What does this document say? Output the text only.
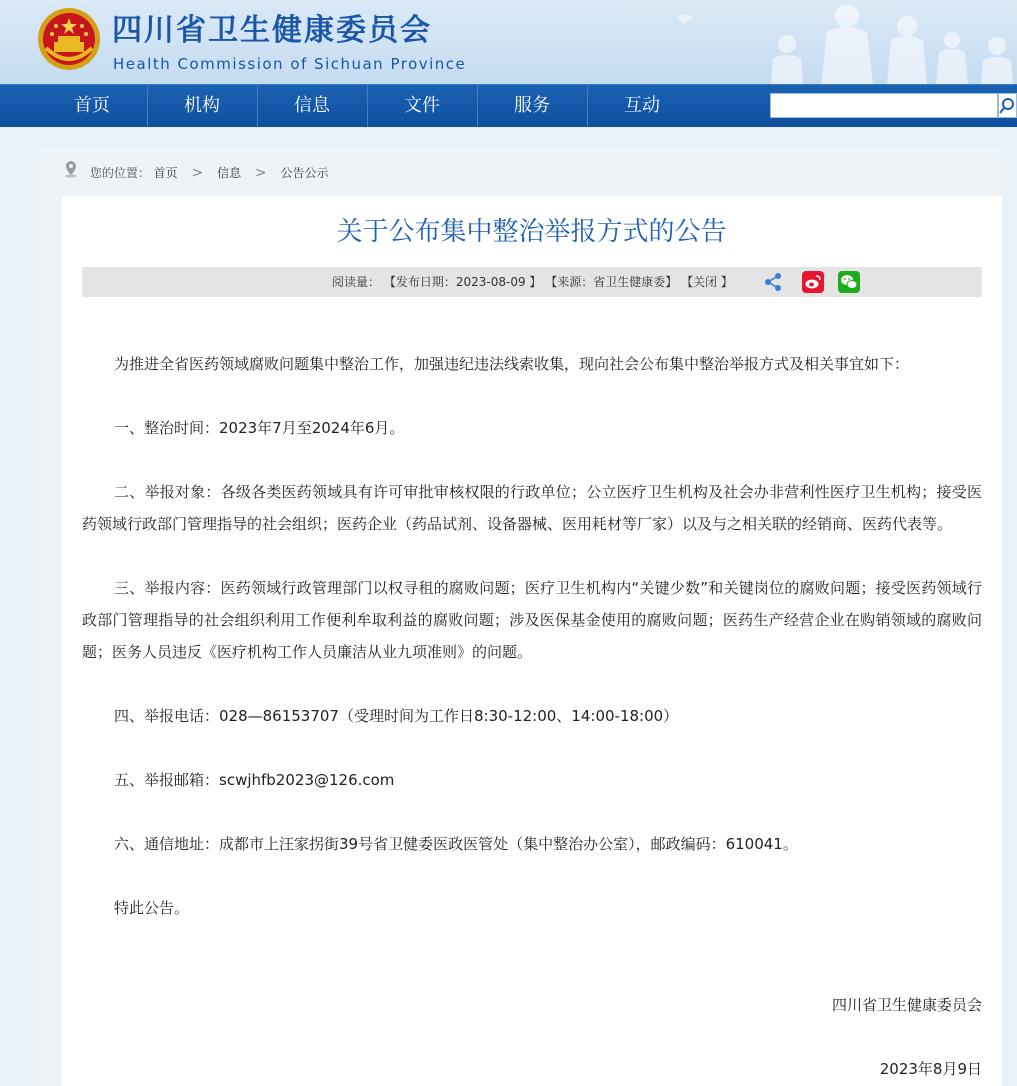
四川省卫生健康委员会
Health Commission of Sichuan Province
首页	机构	信息	文件	服务	互动
您的位置： 首页 > 信息 > 公告公示
关于公布集中整治举报方式的公告
阅读量： 【发布日期：2023-08-09 】 【来源：省卫生健康委】 【关闭 】

为推进全省医药领域腐败问题集中整治工作，加强违纪违法线索收集，现向社会公布集中整治举报方式及相关事宜如下：

一、整治时间：2023年7月至2024年6月。

二、举报对象：各级各类医药领域具有许可审批审核权限的行政单位；公立医疗卫生机构及社会办非营利性医疗卫生机构；接受医药领域行政部门管理指导的社会组织；医药企业（药品试剂、设备器械、医用耗材等厂家）以及与之相关联的经销商、医药代表等。

三、举报内容：医药领域行政管理部门以权寻租的腐败问题；医疗卫生机构内“关键少数”和关键岗位的腐败问题；接受医药领域行政部门管理指导的社会组织利用工作便利牟取利益的腐败问题；涉及医保基金使用的腐败问题；医药生产经营企业在购销领域的腐败问题；医务人员违反《医疗机构工作人员廉洁从业九项准则》的问题。

四、举报电话：028—86153707（受理时间为工作日8:30-12:00、14:00-18:00）

五、举报邮箱：scwjhfb2023@126.com

六、通信地址：成都市上汪家拐街39号省卫健委医政医管处（集中整治办公室），邮政编码：610041。

特此公告。

四川省卫生健康委员会
2023年8月9日
